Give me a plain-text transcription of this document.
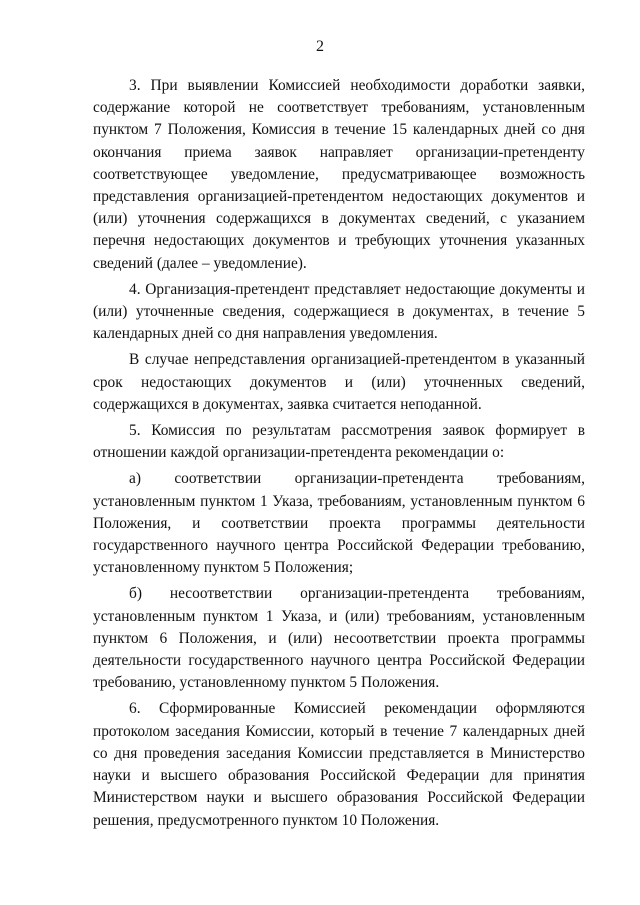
2

3. При выявлении Комиссией необходимости доработки заявки, содержание которой не соответствует требованиям, установленным пунктом 7 Положения, Комиссия в течение 15 календарных дней со дня окончания приема заявок направляет организации-претенденту соответствующее уведомление, предусматривающее возможность представления организацией-претендентом недостающих документов и (или) уточнения содержащихся в документах сведений, с указанием перечня недостающих документов и требующих уточнения указанных сведений (далее – уведомление).

4. Организация-претендент представляет недостающие документы и (или) уточненные сведения, содержащиеся в документах, в течение 5 календарных дней со дня направления уведомления.

В случае непредставления организацией-претендентом в указанный срок недостающих документов и (или) уточненных сведений, содержащихся в документах, заявка считается неподанной.

5. Комиссия по результатам рассмотрения заявок формирует в отношении каждой организации-претендента рекомендации о:

а) соответствии организации-претендента требованиям, установленным пунктом 1 Указа, требованиям, установленным пунктом 6 Положения, и соответствии проекта программы деятельности государственного научного центра Российской Федерации требованию, установленному пунктом 5 Положения;

б) несоответствии организации-претендента требованиям, установленным пунктом 1 Указа, и (или) требованиям, установленным пунктом 6 Положения, и (или) несоответствии проекта программы деятельности государственного научного центра Российской Федерации требованию, установленному пунктом 5 Положения.

6. Сформированные Комиссией рекомендации оформляются протоколом заседания Комиссии, который в течение 7 календарных дней со дня проведения заседания Комиссии представляется в Министерство науки и высшего образования Российской Федерации для принятия Министерством науки и высшего образования Российской Федерации решения, предусмотренного пунктом 10 Положения.
